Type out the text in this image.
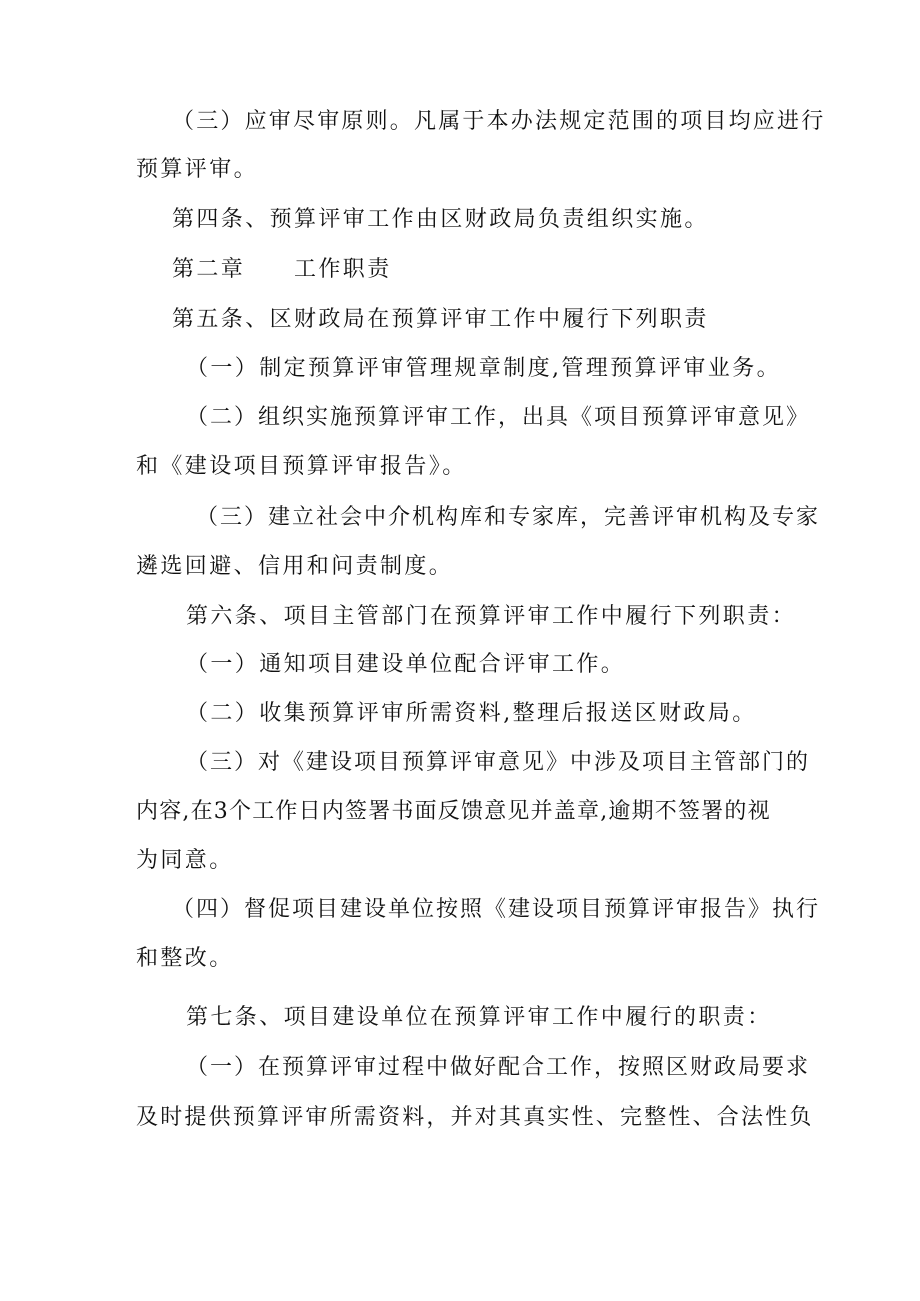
（三）应审尽审原则。凡属于本办法规定范围的项目均应进行
预算评审。
第四条、预算评审工作由区财政局负责组织实施。
第二章　　工作职责
第五条、区财政局在预算评审工作中履行下列职责
（一）制定预算评审管理规章制度,管理预算评审业务。
（二）组织实施预算评审工作，出具《项目预算评审意见》
和《建设项目预算评审报告》。
（三）建立社会中介机构库和专家库，完善评审机构及专家
遴选回避、信用和问责制度。
第六条、项目主管部门在预算评审工作中履行下列职责：
（一）通知项目建设单位配合评审工作。
（二）收集预算评审所需资料,整理后报送区财政局。
（三）对《建设项目预算评审意见》中涉及项目主管部门的
内容,在3个工作日内签署书面反馈意见并盖章,逾期不签署的视
为同意。
（四）督促项目建设单位按照《建设项目预算评审报告》执行
和整改。
第七条、项目建设单位在预算评审工作中履行的职责：
（一）在预算评审过程中做好配合工作，按照区财政局要求
及时提供预算评审所需资料，并对其真实性、完整性、合法性负
